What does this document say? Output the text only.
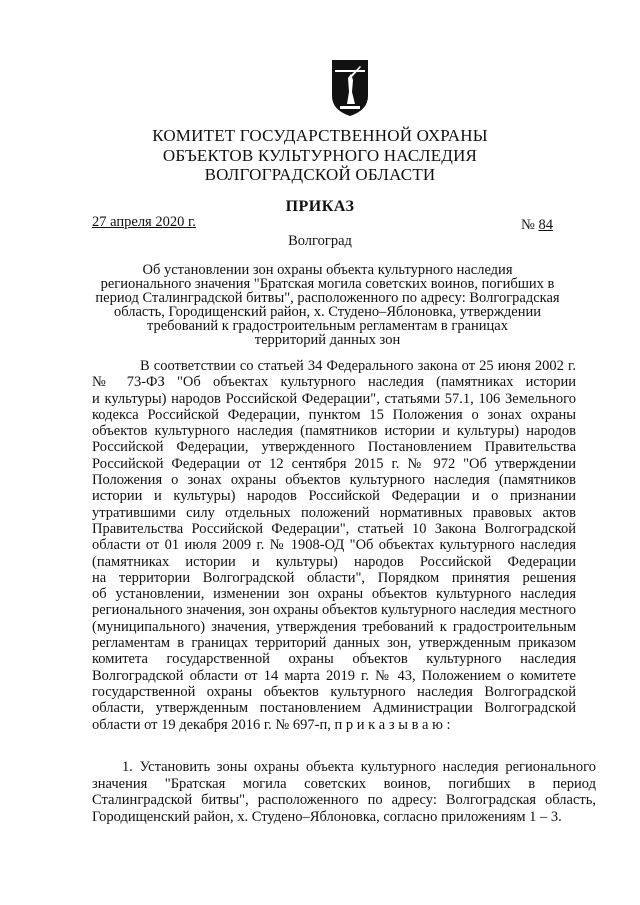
КОМИТЕТ ГОСУДАРСТВЕННОЙ ОХРАНЫ
ОБЪЕКТОВ КУЛЬТУРНОГО НАСЛЕДИЯ
ВОЛГОГРАДСКОЙ ОБЛАСТИ
ПРИКАЗ
27 апреля 2020 г.	№ 84
Волгоград
Об установлении зон охраны объекта культурного наследия
регионального значения "Братская могила советских воинов, погибших в
период Сталинградской битвы", расположенного по адресу: Волгоградская
область, Городищенский район, х. Студено–Яблоновка, утверждении
требований к градостроительным регламентам в границах
территорий данных зон
В соответствии со статьей 34 Федерального закона от 25 июня 2002 г.
№ 73-ФЗ "Об объектах культурного наследия (памятниках истории
и культуры) народов Российской Федерации", статьями 57.1, 106 Земельного
кодекса Российской Федерации, пунктом 15 Положения о зонах охраны
объектов культурного наследия (памятников истории и культуры) народов
Российской Федерации, утвержденного Постановлением Правительства
Российской Федерации от 12 сентября 2015 г. № 972 "Об утверждении
Положения о зонах охраны объектов культурного наследия (памятников
истории и культуры) народов Российской Федерации и о признании
утратившими силу отдельных положений нормативных правовых актов
Правительства Российской Федерации", статьей 10 Закона Волгоградской
области от 01 июля 2009 г. № 1908-ОД "Об объектах культурного наследия
(памятниках истории и культуры) народов Российской Федерации
на территории Волгоградской области", Порядком принятия решения
об установлении, изменении зон охраны объектов культурного наследия
регионального значения, зон охраны объектов культурного наследия местного
(муниципального) значения, утверждения требований к градостроительным
регламентам в границах территорий данных зон, утвержденным приказом
комитета государственной охраны объектов культурного наследия
Волгоградской области от 14 марта 2019 г. № 43, Положением о комитете
государственной охраны объектов культурного наследия Волгоградской
области, утвержденным постановлением Администрации Волгоградской
области от 19 декабря 2016 г. № 697-п, п р и к а з ы в а ю :
1. Установить зоны охраны объекта культурного наследия регионального
значения "Братская могила советских воинов, погибших в период
Сталинградской битвы", расположенного по адресу: Волгоградская область,
Городищенский район, х. Студено–Яблоновка, согласно приложениям 1 – 3.
